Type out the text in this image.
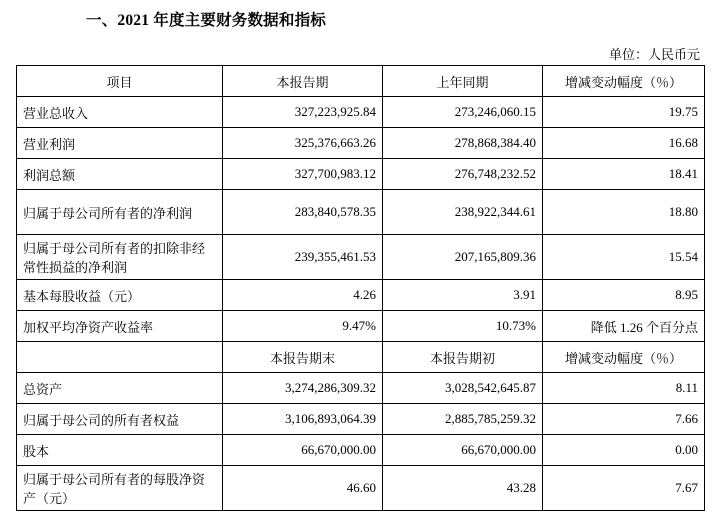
一、2021 年度主要财务数据和指标
单位：人民币元
项目	本报告期	上年同期	增减变动幅度（％）
营业总收入	327,223,925.84	273,246,060.15	19.75
营业利润	325,376,663.26	278,868,384.40	16.68
利润总额	327,700,983.12	276,748,232.52	18.41
归属于母公司所有者的净利润	283,840,578.35	238,922,344.61	18.80
归属于母公司所有者的扣除非经常性损益的净利润	239,355,461.53	207,165,809.36	15.54
基本每股收益（元）	4.26	3.91	8.95
加权平均净资产收益率	9.47%	10.73%	降低 1.26 个百分点
	本报告期末	本报告期初	增减变动幅度（％）
总资产	3,274,286,309.32	3,028,542,645.87	8.11
归属于母公司的所有者权益	3,106,893,064.39	2,885,785,259.32	7.66
股本	66,670,000.00	66,670,000.00	0.00
归属于母公司所有者的每股净资产（元）	46.60	43.28	7.67
